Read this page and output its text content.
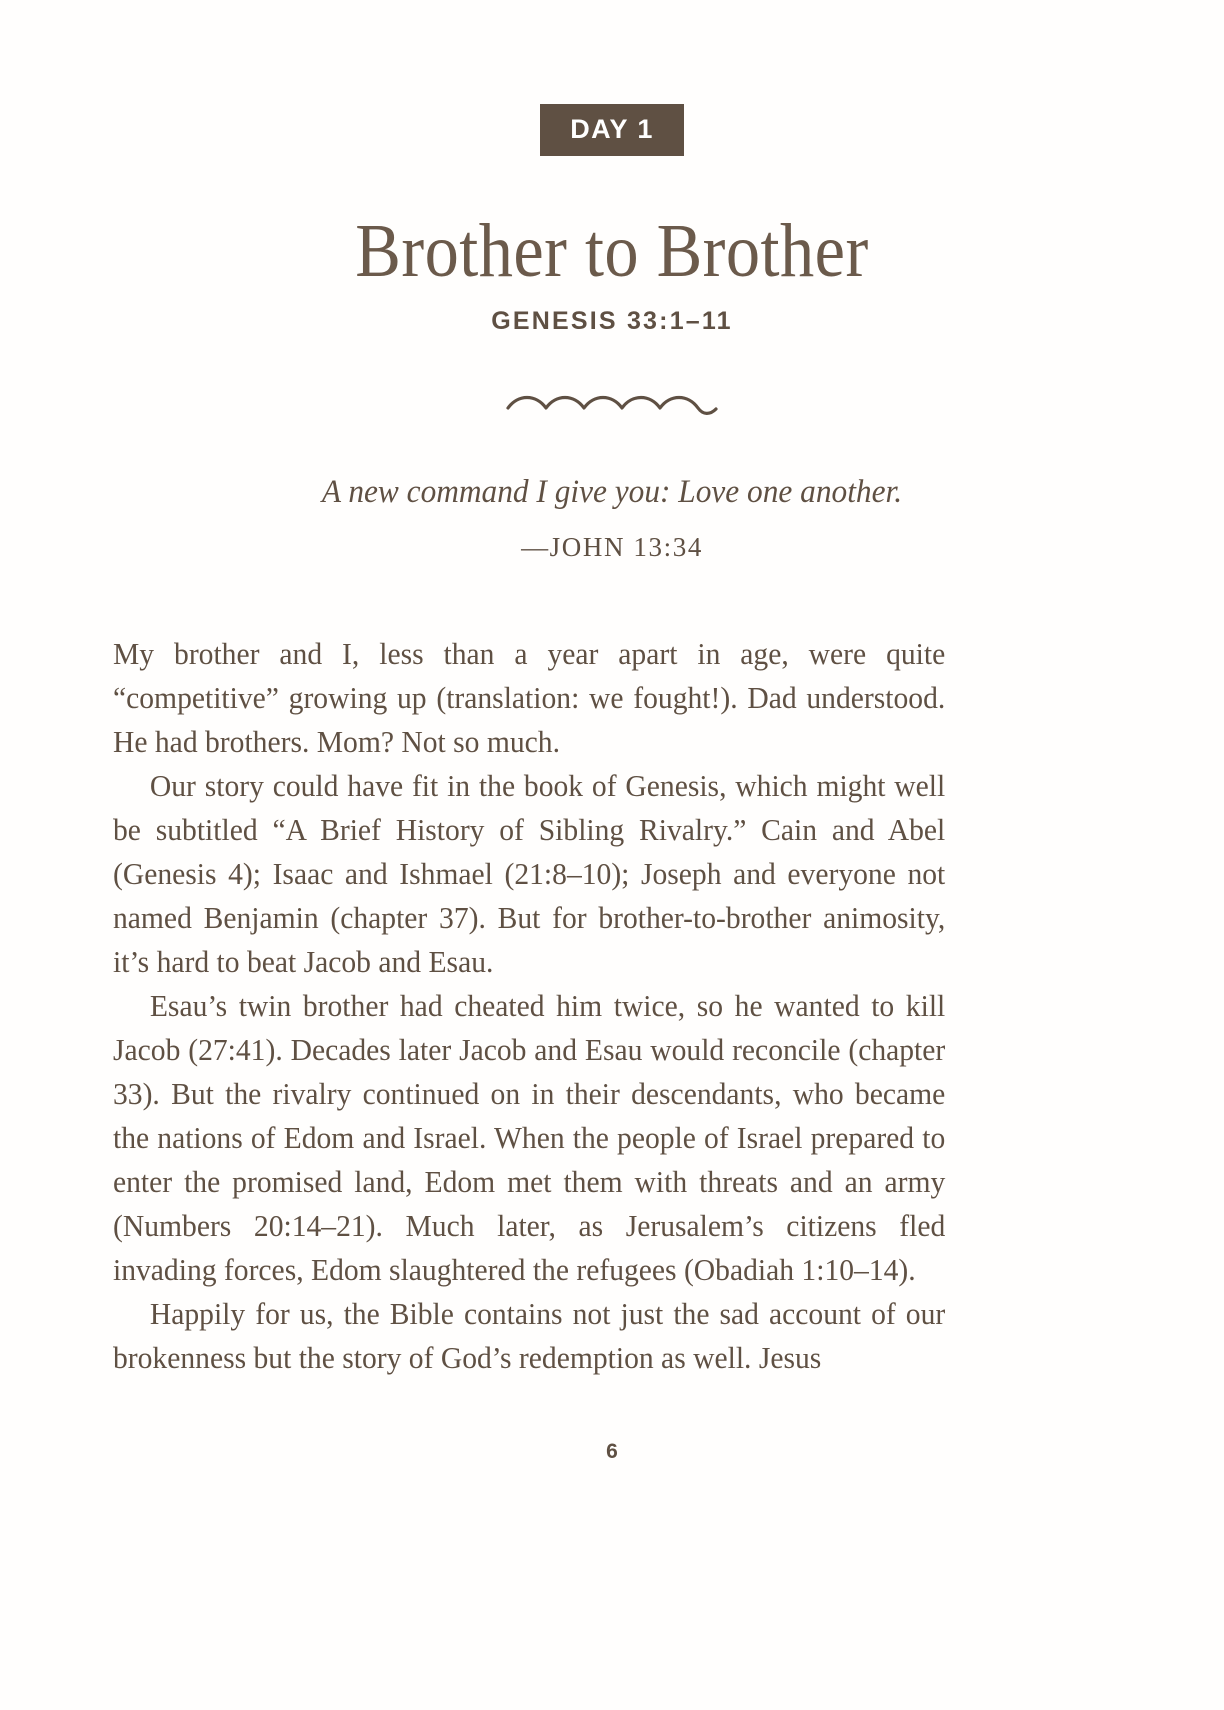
DAY 1
Brother to Brother
GENESIS 33:1–11
A new command I give you: Love one another.
—JOHN 13:34

My brother and I, less than a year apart in age, were quite “competitive” growing up (translation: we fought!). Dad understood. He had brothers. Mom? Not so much.

Our story could have fit in the book of Genesis, which might well be subtitled “A Brief History of Sibling Rivalry.” Cain and Abel (Genesis 4); Isaac and Ishmael (21:8–10); Joseph and everyone not named Benjamin (chapter 37). But for brother-to-brother animosity, it’s hard to beat Jacob and Esau.

Esau’s twin brother had cheated him twice, so he wanted to kill Jacob (27:41). Decades later Jacob and Esau would reconcile (chapter 33). But the rivalry continued on in their descendants, who became the nations of Edom and Israel. When the people of Israel prepared to enter the promised land, Edom met them with threats and an army (Numbers 20:14–21). Much later, as Jerusalem’s citizens fled invading forces, Edom slaughtered the refugees (Obadiah 1:10–14).

Happily for us, the Bible contains not just the sad account of our brokenness but the story of God’s redemption as well. Jesus

6
